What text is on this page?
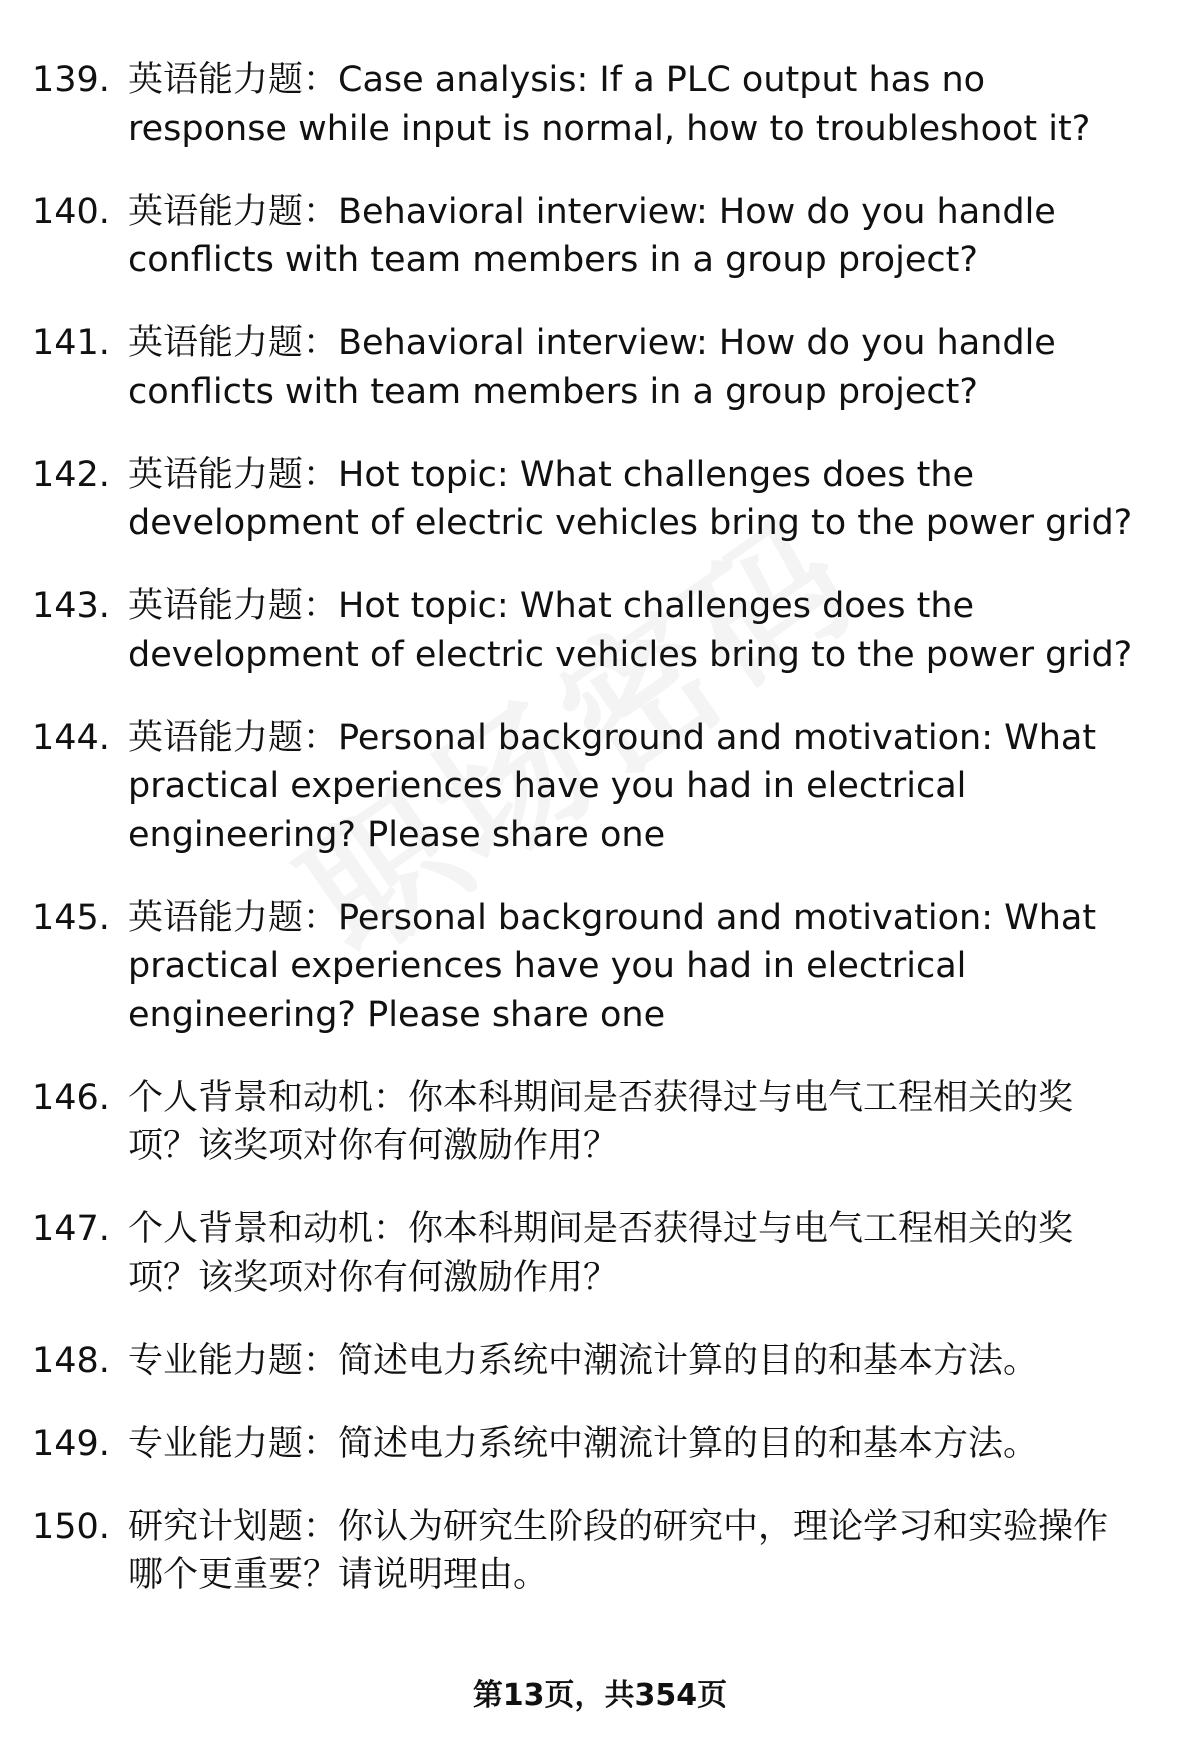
139. 英语能力题：Case analysis: If a PLC output has no response while input is normal, how to troubleshoot it?
140. 英语能力题：Behavioral interview: How do you handle conflicts with team members in a group project?
141. 英语能力题：Behavioral interview: How do you handle conflicts with team members in a group project?
142. 英语能力题：Hot topic: What challenges does the development of electric vehicles bring to the power grid?
143. 英语能力题：Hot topic: What challenges does the development of electric vehicles bring to the power grid?
144. 英语能力题：Personal background and motivation: What practical experiences have you had in electrical engineering? Please share one
145. 英语能力题：Personal background and motivation: What practical experiences have you had in electrical engineering? Please share one
146. 个人背景和动机：你本科期间是否获得过与电气工程相关的奖项？该奖项对你有何激励作用？
147. 个人背景和动机：你本科期间是否获得过与电气工程相关的奖项？该奖项对你有何激励作用？
148. 专业能力题：简述电力系统中潮流计算的目的和基本方法。
149. 专业能力题：简述电力系统中潮流计算的目的和基本方法。
150. 研究计划题：你认为研究生阶段的研究中，理论学习和实验操作哪个更重要？请说明理由。
第13页，共354页
